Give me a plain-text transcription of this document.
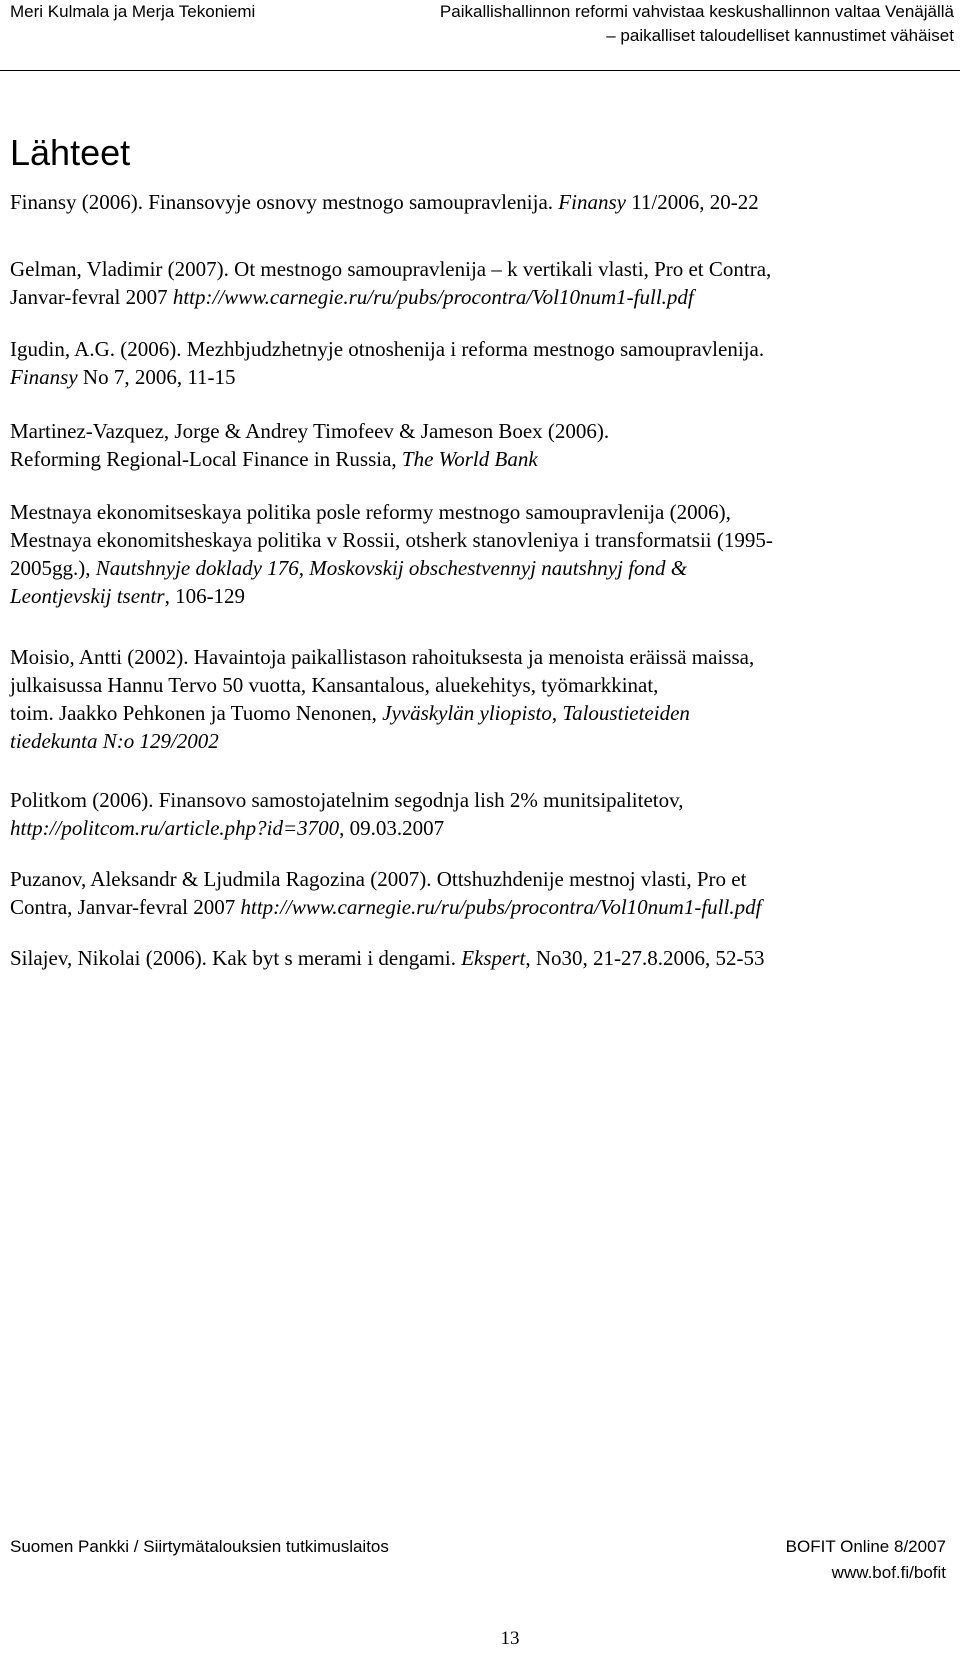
Meri Kulmala ja Merja Tekoniemi	Paikallishallinnon reformi vahvistaa keskushallinnon valtaa Venäjällä
– paikalliset taloudelliset kannustimet vähäiset
Lähteet
Finansy (2006). Finansovyje osnovy mestnogo samoupravlenija. Finansy 11/2006, 20-22
Gelman, Vladimir (2007). Ot mestnogo samoupravlenija – k vertikali vlasti, Pro et Contra,
Janvar-fevral 2007 http://www.carnegie.ru/ru/pubs/procontra/Vol10num1-full.pdf
Igudin, A.G. (2006). Mezhbjudzhetnyje otnoshenija i reforma mestnogo samoupravlenija.
Finansy No 7, 2006, 11-15
Martinez-Vazquez, Jorge & Andrey Timofeev & Jameson Boex (2006).
Reforming Regional-Local Finance in Russia, The World Bank
Mestnaya ekonomitseskaya politika posle reformy mestnogo samoupravlenija (2006),
Mestnaya ekonomitsheskaya politika v Rossii, otsherk stanovleniya i transformatsii (1995-
2005gg.), Nautshnyje doklady 176, Moskovskij obschestvennyj nautshnyj fond &
Leontjevskij tsentr, 106-129
Moisio, Antti (2002). Havaintoja paikallistason rahoituksesta ja menoista eräissä maissa,
julkaisussa Hannu Tervo 50 vuotta, Kansantalous, aluekehitys, työmarkkinat,
toim. Jaakko Pehkonen ja Tuomo Nenonen, Jyväskylän yliopisto, Taloustieteiden
tiedekunta N:o 129/2002
Politkom (2006). Finansovo samostojatelnim segodnja lish 2% munitsipalitetov,
http://politcom.ru/article.php?id=3700, 09.03.2007
Puzanov, Aleksandr & Ljudmila Ragozina (2007). Ottshuzhdenije mestnoj vlasti, Pro et
Contra, Janvar-fevral 2007 http://www.carnegie.ru/ru/pubs/procontra/Vol10num1-full.pdf
Silajev, Nikolai (2006). Kak byt s merami i dengami. Ekspert, No30, 21-27.8.2006, 52-53
Suomen Pankki / Siirtymätalouksien tutkimuslaitos	BOFIT Online 8/2007
www.bof.fi/bofit
13
